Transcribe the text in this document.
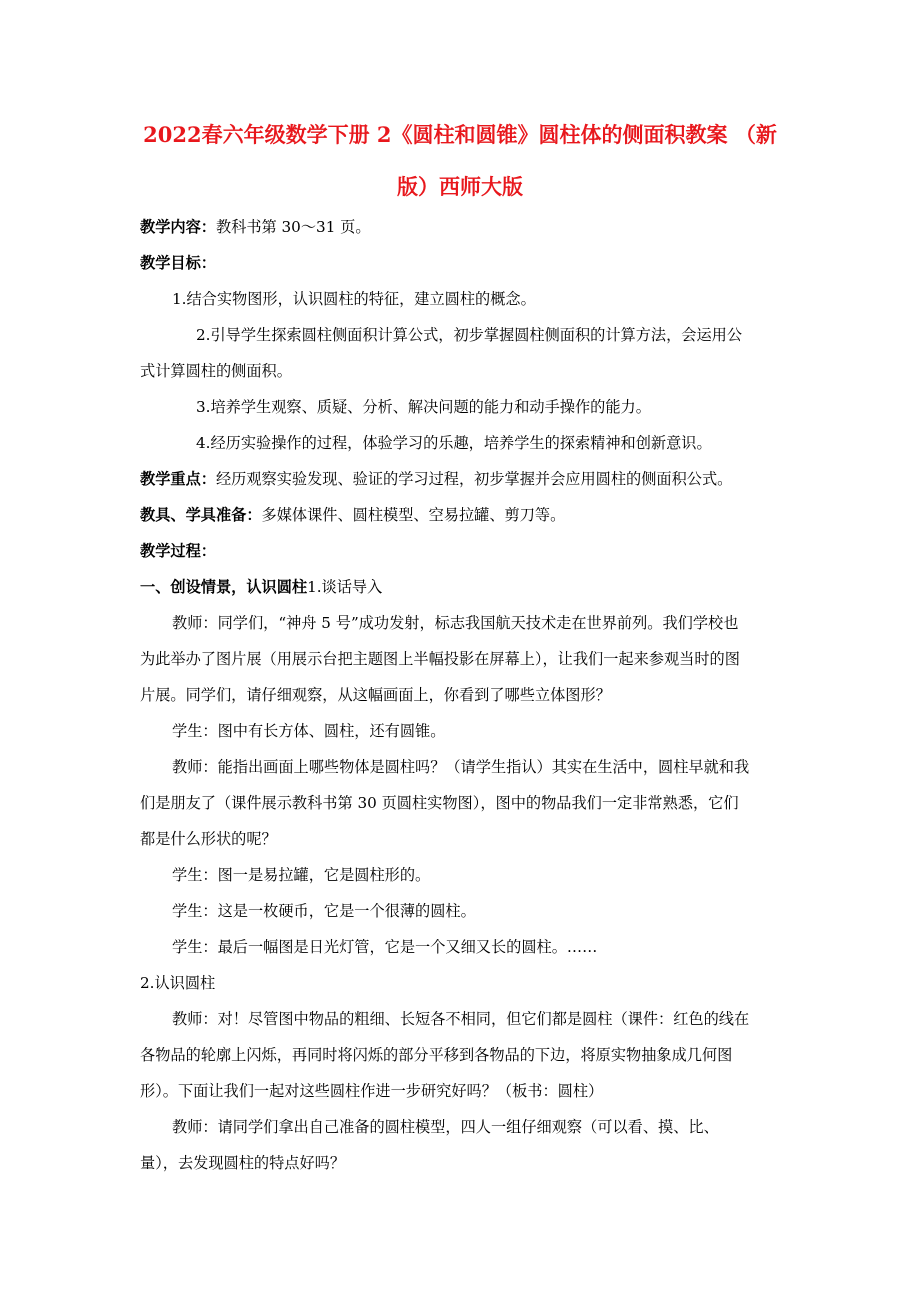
2022春六年级数学下册 2《圆柱和圆锥》圆柱体的侧面积教案 （新
版）西师大版
教学内容：教科书第 30～31 页。
教学目标：
1.结合实物图形，认识圆柱的特征，建立圆柱的概念。
2.引导学生探索圆柱侧面积计算公式，初步掌握圆柱侧面积的计算方法，会运用公
式计算圆柱的侧面积。
3.培养学生观察、质疑、分析、解决问题的能力和动手操作的能力。
4.经历实验操作的过程，体验学习的乐趣，培养学生的探索精神和创新意识。
教学重点：经历观察实验发现、验证的学习过程，初步掌握并会应用圆柱的侧面积公式。
教具、学具准备：多媒体课件、圆柱模型、空易拉罐、剪刀等。
教学过程：
一、创设情景，认识圆柱1.谈话导入
教师：同学们，“神舟 5 号”成功发射，标志我国航天技术走在世界前列。我们学校也
为此举办了图片展（用展示台把主题图上半幅投影在屏幕上），让我们一起来参观当时的图
片展。同学们，请仔细观察，从这幅画面上，你看到了哪些立体图形？
学生：图中有长方体、圆柱，还有圆锥。
教师：能指出画面上哪些物体是圆柱吗？（请学生指认）其实在生活中，圆柱早就和我
们是朋友了（课件展示教科书第 30 页圆柱实物图），图中的物品我们一定非常熟悉，它们
都是什么形状的呢？
学生：图一是易拉罐，它是圆柱形的。
学生：这是一枚硬币，它是一个很薄的圆柱。
学生：最后一幅图是日光灯管，它是一个又细又长的圆柱。……
2.认识圆柱
教师：对！尽管图中物品的粗细、长短各不相同，但它们都是圆柱（课件：红色的线在
各物品的轮廓上闪烁，再同时将闪烁的部分平移到各物品的下边，将原实物抽象成几何图
形）。下面让我们一起对这些圆柱作进一步研究好吗？（板书：圆柱）
教师：请同学们拿出自己准备的圆柱模型，四人一组仔细观察（可以看、摸、比、
量），去发现圆柱的特点好吗？
